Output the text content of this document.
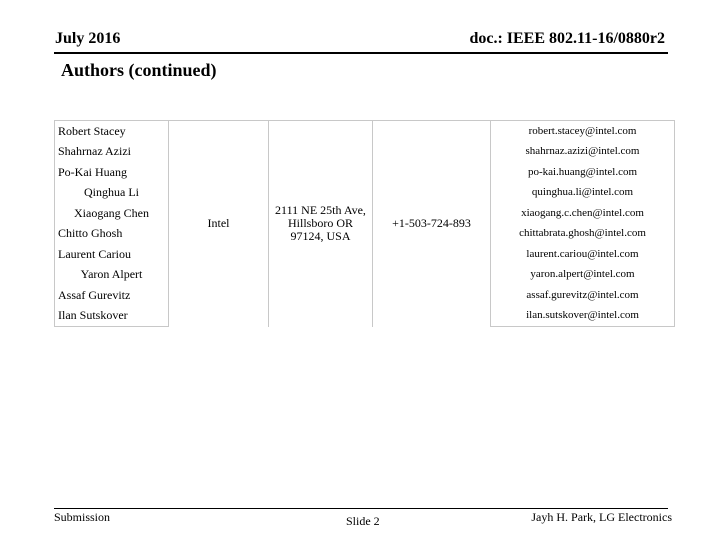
July 2016	doc.: IEEE 802.11-16/0880r2
Authors (continued)
Robert Stacey	Intel	2111 NE 25th Ave, Hillsboro OR 97124, USA	+1-503-724-893	robert.stacey@intel.com
Shahrnaz Azizi				shahrnaz.azizi@intel.com
Po-Kai Huang				po-kai.huang@intel.com
Qinghua Li				quinghua.li@intel.com
Xiaogang Chen				xiaogang.c.chen@intel.com
Chitto Ghosh				chittabrata.ghosh@intel.com
Laurent Cariou				laurent.cariou@intel.com
Yaron Alpert				yaron.alpert@intel.com
Assaf Gurevitz				assaf.gurevitz@intel.com
Ilan Sutskover				ilan.sutskover@intel.com
Submission	Slide 2	Jayh H. Park, LG Electronics
